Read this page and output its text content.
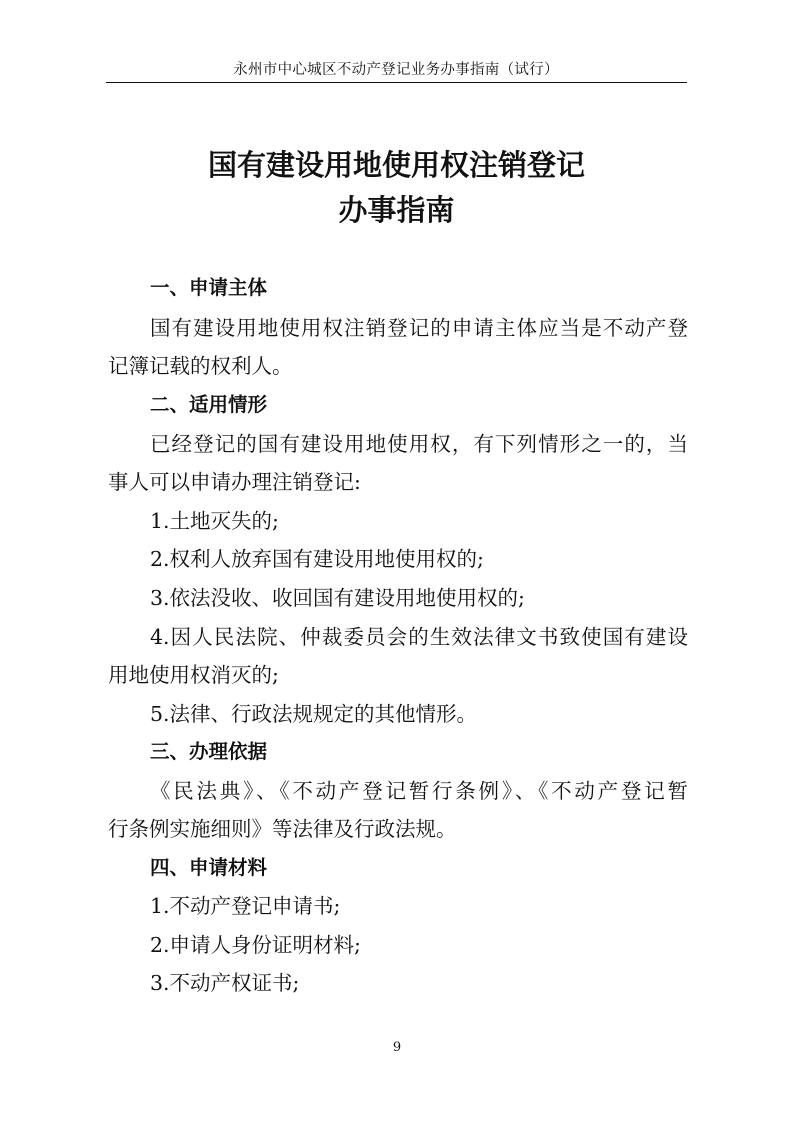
永州市中心城区不动产登记业务办事指南（试行）
国有建设用地使用权注销登记
办事指南
一、申请主体
国有建设用地使用权注销登记的申请主体应当是不动产登
记簿记载的权利人。
二、适用情形
已经登记的国有建设用地使用权，有下列情形之一的，当
事人可以申请办理注销登记:
1.土地灭失的;
2.权利人放弃国有建设用地使用权的;
3.依法没收、收回国有建设用地使用权的;
4.因人民法院、仲裁委员会的生效法律文书致使国有建设
用地使用权消灭的;
5.法律、行政法规规定的其他情形。
三、办理依据
《民法典》、《不动产登记暂行条例》、《不动产登记暂
行条例实施细则》等法律及行政法规。
四、申请材料
1.不动产登记申请书;
2.申请人身份证明材料;
3.不动产权证书;
9
